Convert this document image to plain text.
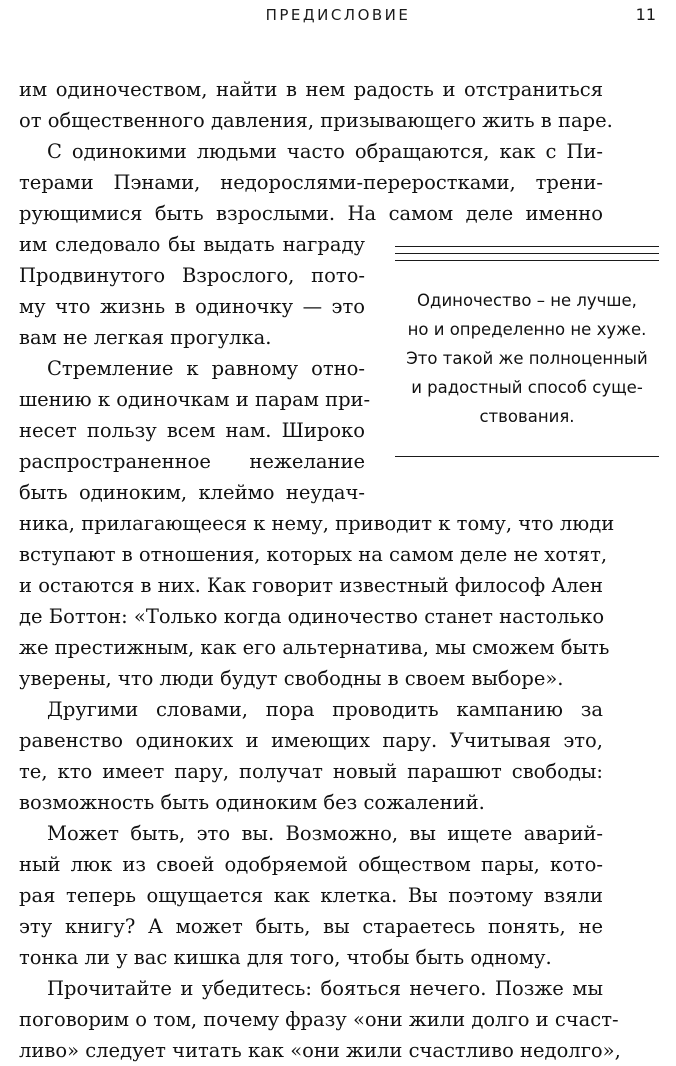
ПРЕДИСЛОВИЕ	11
им одиночеством, найти в нем радость и отстраниться
от общественного давления, призывающего жить в паре.
С одинокими людьми часто обращаются, как с Пи-
терами Пэнами, недорослями-переростками, трени-
рующимися быть взрослыми. На самом деле именно
им следовало бы выдать награду
Продвинутого Взрослого, пото-
му что жизнь в одиночку — это
вам не легкая прогулка.
Стремление к равному отно-
шению к одиночкам и парам при-
несет пользу всем нам. Широко
распространенное нежелание
быть одиноким, клеймо неудач-
ника, прилагающееся к нему, приводит к тому, что люди
вступают в отношения, которых на самом деле не хотят,
и остаются в них. Как говорит известный философ Ален
де Боттон: «Только когда одиночество станет настолько
же престижным, как его альтернатива, мы сможем быть
уверены, что люди будут свободны в своем выборе».
Другими словами, пора проводить кампанию за
равенство одиноких и имеющих пару. Учитывая это,
те, кто имеет пару, получат новый парашют свободы:
возможность быть одиноким без сожалений.
Может быть, это вы. Возможно, вы ищете аварий-
ный люк из своей одобряемой обществом пары, кото-
рая теперь ощущается как клетка. Вы поэтому взяли
эту книгу? А может быть, вы стараетесь понять, не
тонка ли у вас кишка для того, чтобы быть одному.
Прочитайте и убедитесь: бояться нечего. Позже мы
поговорим о том, почему фразу «они жили долго и счаст-
ливо» следует читать как «они жили счастливо недолго»,
Одиночество – не лучше,
но и определенно не хуже.
Это такой же полноценный
и радостный способ суще-
ствования.
